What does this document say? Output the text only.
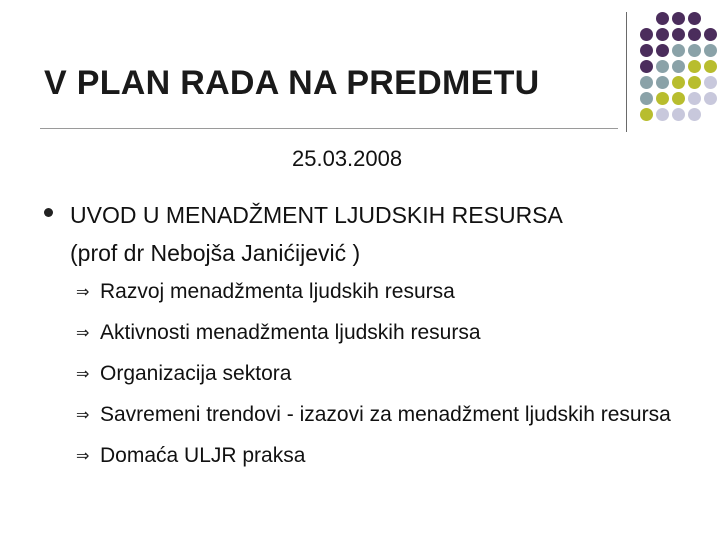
V PLAN RADA NA PREDMETU
25.03.2008
UVOD U MENADŽMENT LJUDSKIH RESURSA
(prof dr Nebojša Janićijević )
⇒ Razvoj menadžmenta ljudskih resursa
⇒ Aktivnosti menadžmenta ljudskih resursa
⇒ Organizacija sektora
⇒ Savremeni trendovi - izazovi za menadžment ljudskih resursa
⇒ Domaća ULJR praksa
